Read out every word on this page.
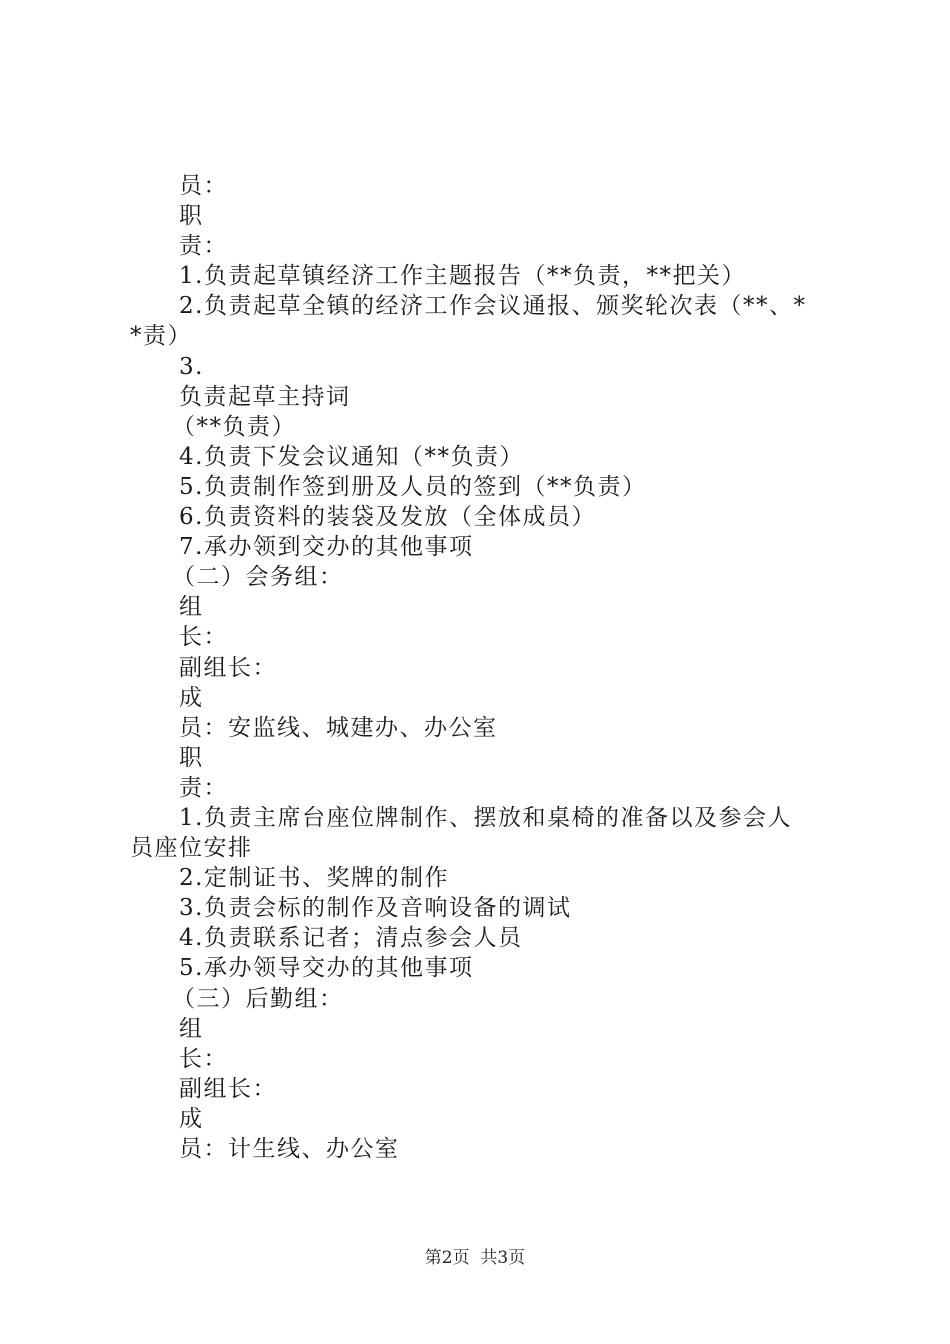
员：
职
责：
1.负责起草镇经济工作主题报告（**负责，**把关）
2.负责起草全镇的经济工作会议通报、颁奖轮次表（**、*
*责）
3.
负责起草主持词
（**负责）
4.负责下发会议通知（**负责）
5.负责制作签到册及人员的签到（**负责）
6.负责资料的装袋及发放（全体成员）
7.承办领到交办的其他事项
（二）会务组：
组
长：
副组长：
成
员：安监线、城建办、办公室
职
责：
1.负责主席台座位牌制作、摆放和桌椅的准备以及参会人
员座位安排
2.定制证书、奖牌的制作
3.负责会标的制作及音响设备的调试
4.负责联系记者；清点参会人员
5.承办领导交办的其他事项
（三）后勤组：
组
长：
副组长：
成
员：计生线、办公室
第2页  共3页
